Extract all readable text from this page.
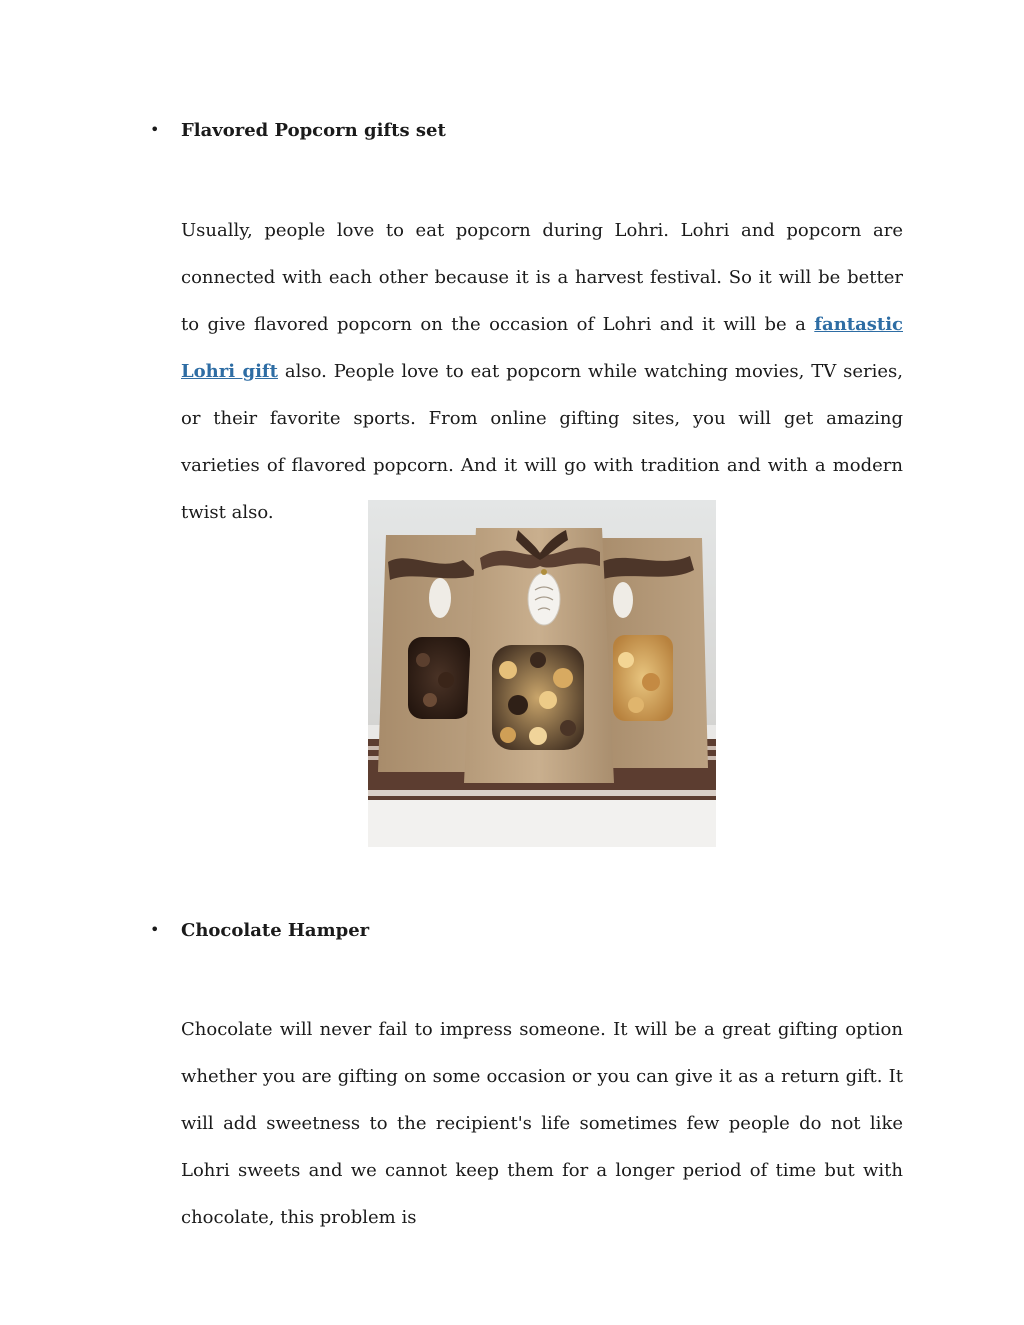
• Flavored Popcorn gifts set

Usually, people love to eat popcorn during Lohri. Lohri and popcorn are connected with each other because it is a harvest festival. So it will be better to give flavored popcorn on the occasion of Lohri and it will be a fantastic Lohri gift also. People love to eat popcorn while watching movies, TV series, or their favorite sports. From online gifting sites, you will get amazing varieties of flavored popcorn. And it will go with tradition and with a modern twist also.

• Chocolate Hamper

Chocolate will never fail to impress someone. It will be a great gifting option whether you are gifting on some occasion or you can give it as a return gift. It will add sweetness to the recipient's life sometimes few people do not like Lohri sweets and we cannot keep them for a longer period of time but with chocolate, this problem is
